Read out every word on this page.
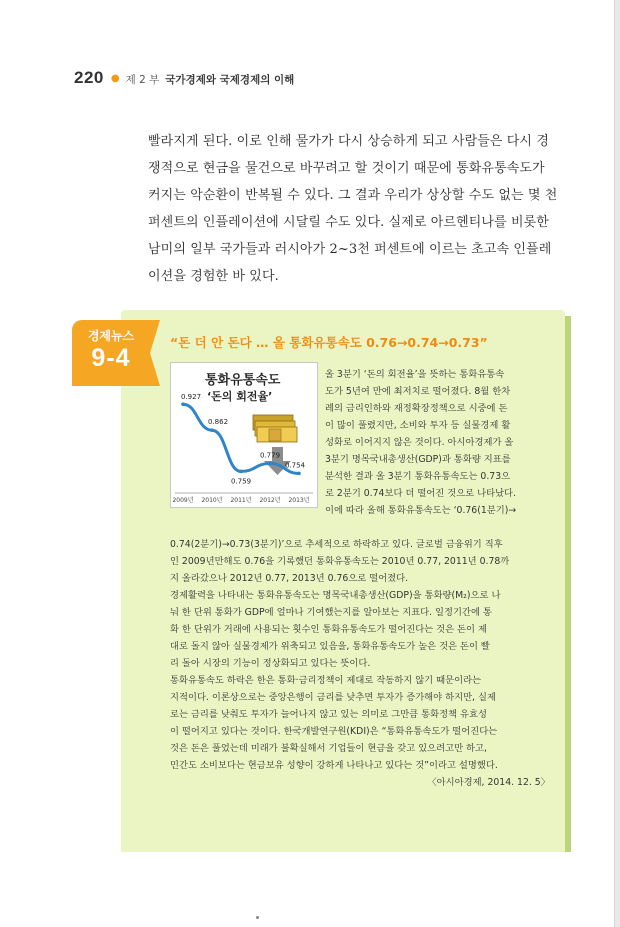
220 ● 제 2 부 국가경제와 국제경제의 이해

빨라지게 된다. 이로 인해 물가가 다시 상승하게 되고 사람들은 다시 경

쟁적으로 현금을 물건으로 바꾸려고 할 것이기 때문에 통화유통속도가

커지는 악순환이 반복될 수 있다. 그 결과 우리가 상상할 수도 없는 몇 천

퍼센트의 인플레이션에 시달릴 수도 있다. 실제로 아르헨티나를 비롯한

남미의 일부 국가들과 러시아가 2~3천 퍼센트에 이르는 초고속 인플레

이션을 경험한 바 있다.

경제뉴스
9-4
“돈 더 안 돈다 … 올 통화유통속도 0.76→0.74→0.73”
통화유통속도
‘돈의 회전율’
0.927
0.862
0.759
0.779
0.754
2009년 2010년 2011년 2012년 2013년
올 3분기 ‘돈의 회전율’을 뜻하는 통화유통속
도가 5년여 만에 최저치로 떨어졌다. 8월 한차
례의 금리인하와 재정확장정책으로 시중에 돈
이 많이 풀렸지만, 소비와 투자 등 실물경제 활
성화로 이어지지 않은 것이다. 아시아경제가 올
3분기 명목국내총생산(GDP)과 통화량 지표를
분석한 결과 올 3분기 통화유통속도는 0.73으
로 2분기 0.74보다 더 떨어진 것으로 나타났다.
이에 따라 올해 통화유통속도는 ‘0.76(1분기)→
0.74(2분기)→0.73(3분기)’으로 추세적으로 하락하고 있다. 글로벌 금융위기 직후
인 2009년만해도 0.76을 기록했던 통화유통속도는 2010년 0.77, 2011년 0.78까
지 올라갔으나 2012년 0.77, 2013년 0.76으로 떨어졌다.
경제활력을 나타내는 통화유통속도는 명목국내총생산(GDP)을 통화량(M₂)으로 나
눠 한 단위 통화가 GDP에 얼마나 기여했는지를 알아보는 지표다. 일정기간에 통
화 한 단위가 거래에 사용되는 횟수인 통화유통속도가 떨어진다는 것은 돈이 제
대로 돌지 않아 실물경제가 위축되고 있음을, 통화유통속도가 높은 것은 돈이 빨
리 돌아 시장의 기능이 정상화되고 있다는 뜻이다.
통화유통속도 하락은 한은 통화·금리정책이 제대로 작동하지 않기 때문이라는
지적이다. 이론상으로는 중앙은행이 금리를 낮추면 투자가 증가해야 하지만, 실제
로는 금리를 낮춰도 투자가 늘어나지 않고 있는 의미로 그만큼 통화정책 유효성
이 떨어지고 있다는 것이다. 한국개발연구원(KDI)은 “통화유통속도가 떨어진다는
것은 돈은 풀었는데 미래가 불확실해서 기업들이 현금을 갖고 있으려고만 하고,
민간도 소비보다는 현금보유 성향이 강하게 나타나고 있다는 것”이라고 설명했다.
〈아시아경제, 2014. 12. 5〉
